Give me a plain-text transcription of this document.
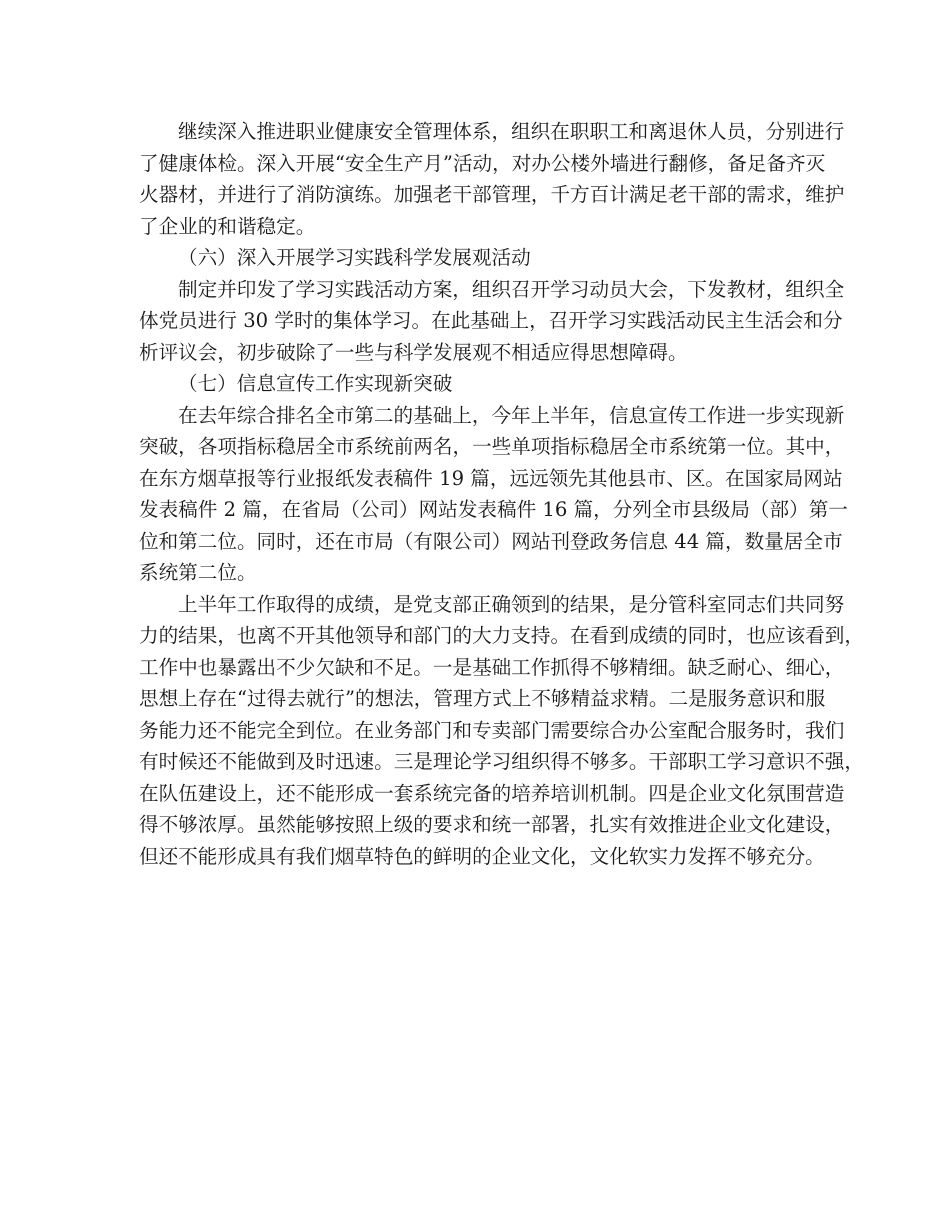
继续深入推进职业健康安全管理体系，组织在职职工和离退休人员，分别进行
了健康体检。深入开展“安全生产月”活动，对办公楼外墙进行翻修，备足备齐灭
火器材，并进行了消防演练。加强老干部管理，千方百计满足老干部的需求，维护
了企业的和谐稳定。
（六）深入开展学习实践科学发展观活动
制定并印发了学习实践活动方案，组织召开学习动员大会，下发教材，组织全
体党员进行 30 学时的集体学习。在此基础上，召开学习实践活动民主生活会和分
析评议会，初步破除了一些与科学发展观不相适应得思想障碍。
（七）信息宣传工作实现新突破
在去年综合排名全市第二的基础上，今年上半年，信息宣传工作进一步实现新
突破，各项指标稳居全市系统前两名，一些单项指标稳居全市系统第一位。其中，
在东方烟草报等行业报纸发表稿件 19 篇，远远领先其他县市、区。在国家局网站
发表稿件 2 篇，在省局（公司）网站发表稿件 16 篇，分列全市县级局（部）第一
位和第二位。同时，还在市局（有限公司）网站刊登政务信息 44 篇，数量居全市
系统第二位。
上半年工作取得的成绩，是党支部正确领到的结果，是分管科室同志们共同努
力的结果，也离不开其他领导和部门的大力支持。在看到成绩的同时，也应该看到，
工作中也暴露出不少欠缺和不足。一是基础工作抓得不够精细。缺乏耐心、细心，
思想上存在“过得去就行”的想法，管理方式上不够精益求精。二是服务意识和服
务能力还不能完全到位。在业务部门和专卖部门需要综合办公室配合服务时，我们
有时候还不能做到及时迅速。三是理论学习组织得不够多。干部职工学习意识不强，
在队伍建设上，还不能形成一套系统完备的培养培训机制。四是企业文化氛围营造
得不够浓厚。虽然能够按照上级的要求和统一部署，扎实有效推进企业文化建设，
但还不能形成具有我们烟草特色的鲜明的企业文化，文化软实力发挥不够充分。
